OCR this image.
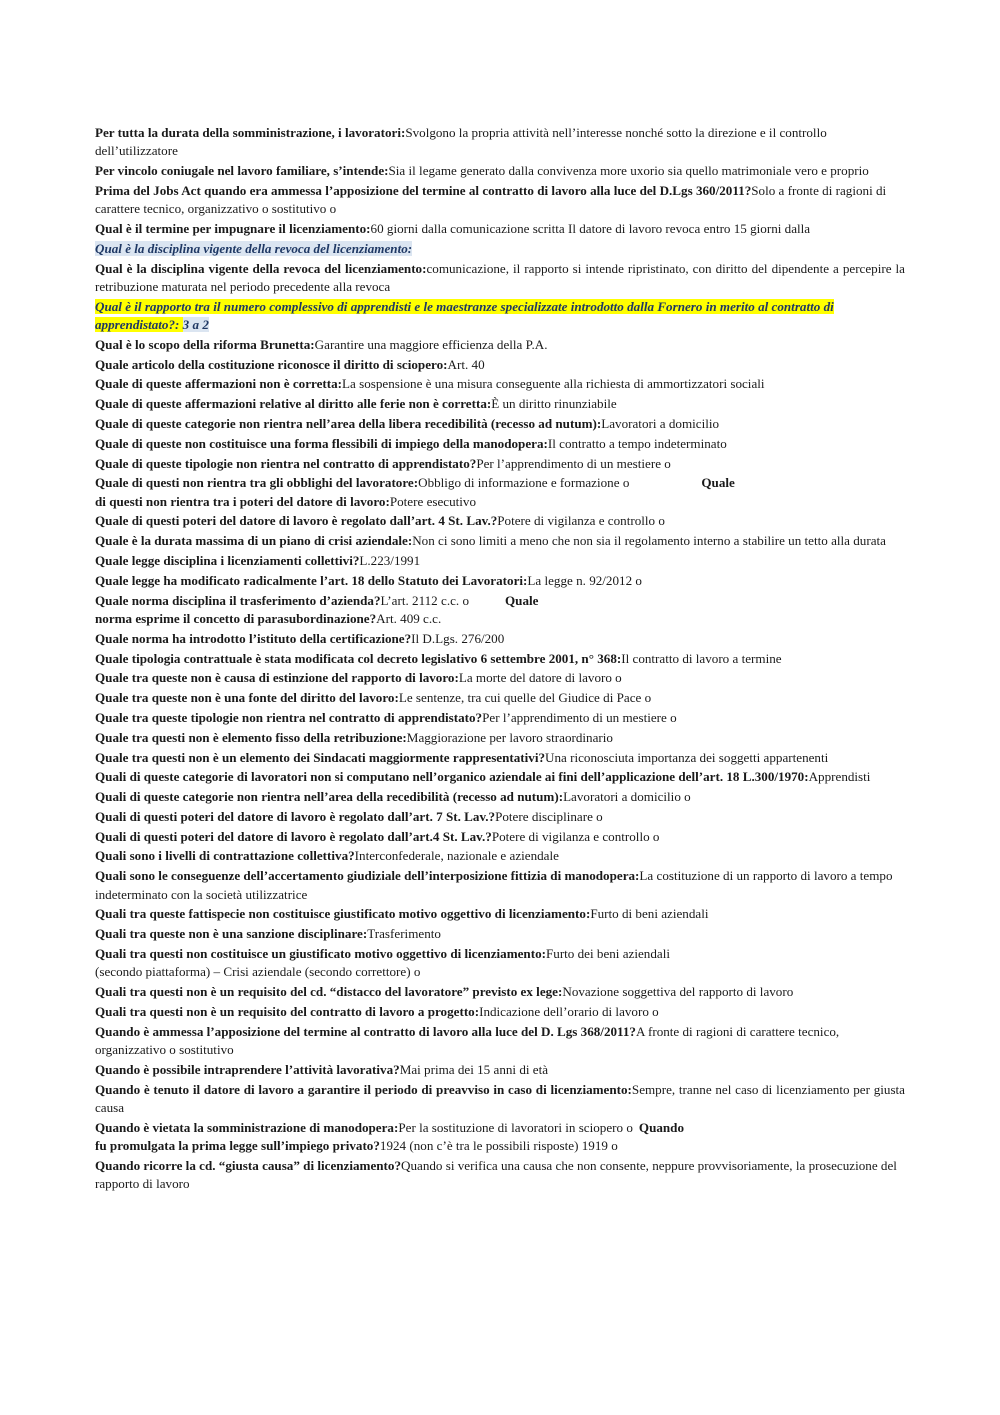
Per tutta la durata della somministrazione, i lavoratori:Svolgono la propria attività nell’interesse nonché sotto la direzione e il controllo dell’utilizzatore

Per vincolo coniugale nel lavoro familiare, s’intende:Sia il legame generato dalla convivenza more uxorio sia quello matrimoniale vero e proprio

Prima del Jobs Act quando era ammessa l’apposizione del termine al contratto di lavoro alla luce del D.Lgs 360/2011?Solo a fronte di ragioni di carattere tecnico, organizzativo o sostitutivo o

Qual è il termine per impugnare il licenziamento:60 giorni dalla comunicazione scritta Il datore di lavoro revoca entro 15 giorni dalla

Qual è la disciplina vigente della revoca del licenziamento:

Qual è la disciplina vigente della revoca del licenziamento:comunicazione, il rapporto si intende ripristinato, con diritto del dipendente a percepire la retribuzione maturata nel periodo precedente alla revoca

Qual è il rapporto tra il numero complessivo di apprendisti e le maestranze specializzate introdotto dalla Fornero in merito al contratto di apprendistato?: 3 a 2

Qual è lo scopo della riforma Brunetta:Garantire una maggiore efficienza della P.A.

Quale articolo della costituzione riconosce il diritto di sciopero:Art. 40

Quale di queste affermazioni non è corretta:La sospensione è una misura conseguente alla richiesta di ammortizzatori sociali

Quale di queste affermazioni relative al diritto alle ferie non è corretta:È un diritto rinunziabile

Quale di queste categorie non rientra nell’area della libera recedibilità (recesso ad nutum):Lavoratori a domicilio

Quale di queste non costituisce una forma flessibili di impiego della manodopera:Il contratto a tempo indeterminato

Quale di queste tipologie non rientra nel contratto di apprendistato?Per l’apprendimento di un mestiere o

Quale di questi non rientra tra gli obblighi del lavoratore:Obbligo di informazione e formazione o	Quale
di questi non rientra tra i poteri del datore di lavoro:Potere esecutivo

Quale di questi poteri del datore di lavoro è regolato dall’art. 4 St. Lav.?Potere di vigilanza e controllo o

Quale è la durata massima di un piano di crisi aziendale:Non ci sono limiti a meno che non sia il regolamento interno a stabilire un tetto alla durata

Quale legge disciplina i licenziamenti collettivi?L.223/1991

Quale legge ha modificato radicalmente l’art. 18 dello Statuto dei Lavoratori:La legge n. 92/2012 o

Quale norma disciplina il trasferimento d’azienda?L’art. 2112 c.c. o	Quale
norma esprime il concetto di parasubordinazione?Art. 409 c.c.

Quale norma ha introdotto l’istituto della certificazione?Il D.Lgs. 276/200

Quale tipologia contrattuale è stata modificata col decreto legislativo 6 settembre 2001, n° 368:Il contratto di lavoro a termine

Quale tra queste non è causa di estinzione del rapporto di lavoro:La morte del datore di lavoro o

Quale tra queste non è una fonte del diritto del lavoro:Le sentenze, tra cui quelle del Giudice di Pace o

Quale tra queste tipologie non rientra nel contratto di apprendistato?Per l’apprendimento di un mestiere o

Quale tra questi non è elemento fisso della retribuzione:Maggiorazione per lavoro straordinario

Quale tra questi non è un elemento dei Sindacati maggiormente rappresentativi?Una riconosciuta importanza dei soggetti appartenenti

Quali di queste categorie di lavoratori non si computano nell’organico aziendale ai fini dell’applicazione dell’art. 18 L.300/1970:Apprendisti

Quali di queste categorie non rientra nell’area della recedibilità (recesso ad nutum):Lavoratori a domicilio o

Quali di questi poteri del datore di lavoro è regolato dall’art. 7 St. Lav.?Potere disciplinare o

Quali di questi poteri del datore di lavoro è regolato dall’art.4 St. Lav.?Potere di vigilanza e controllo o

Quali sono i livelli di contrattazione collettiva?Interconfederale, nazionale e aziendale

Quali sono le conseguenze dell’accertamento giudiziale dell’interposizione fittizia di manodopera:La costituzione di un rapporto di lavoro a tempo indeterminato con la società utilizzatrice

Quali tra queste fattispecie non costituisce giustificato motivo oggettivo di licenziamento:Furto di beni aziendali

Quali tra queste non è una sanzione disciplinare:Trasferimento

Quali tra questi non costituisce un giustificato motivo oggettivo di licenziamento:Furto dei beni aziendali
(secondo piattaforma) – Crisi aziendale (secondo correttore) o

Quali tra questi non è un requisito del cd. “distacco del lavoratore” previsto ex lege:Novazione soggettiva del rapporto di lavoro

Quali tra questi non è un requisito del contratto di lavoro a progetto:Indicazione dell’orario di lavoro o

Quando è ammessa l’apposizione del termine al contratto di lavoro alla luce del D. Lgs 368/2011?A fronte di ragioni di carattere tecnico, organizzativo o sostitutivo

Quando è possibile intraprendere l’attività lavorativa?Mai prima dei 15 anni di età

Quando è tenuto il datore di lavoro a garantire il periodo di preavviso in caso di licenziamento:Sempre, tranne nel caso di licenziamento per giusta causa

Quando è vietata la somministrazione di manodopera:Per la sostituzione di lavoratori in sciopero o Quando
fu promulgata la prima legge sull’impiego privato?1924 (non c’è tra le possibili risposte) 1919 o

Quando ricorre la cd. “giusta causa” di licenziamento?Quando si verifica una causa che non consente, neppure provvisoriamente, la prosecuzione del rapporto di lavoro
